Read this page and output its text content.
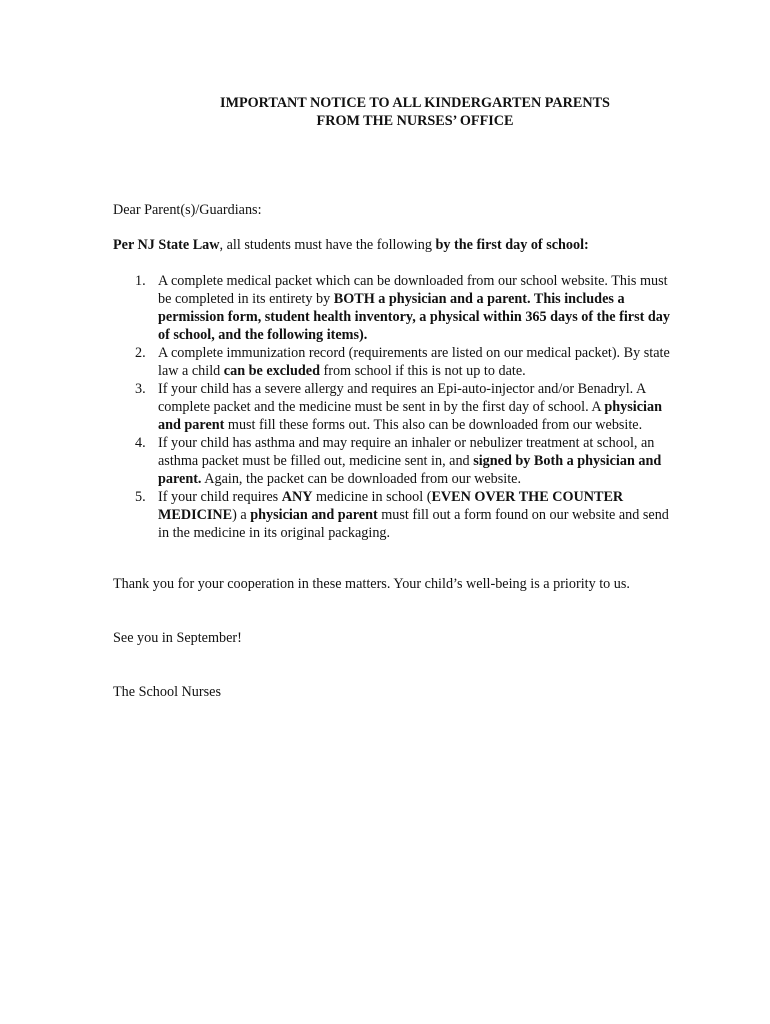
IMPORTANT NOTICE TO ALL KINDERGARTEN PARENTS
FROM THE NURSES’ OFFICE
Dear Parent(s)/Guardians:
Per NJ State Law, all students must have the following by the first day of school:
1. A complete medical packet which can be downloaded from our school website. This must be completed in its entirety by BOTH a physician and a parent. This includes a permission form, student health inventory, a physical within 365 days of the first day of school, and the following items).
2. A complete immunization record (requirements are listed on our medical packet). By state law a child can be excluded from school if this is not up to date.
3. If your child has a severe allergy and requires an Epi-auto-injector and/or Benadryl. A complete packet and the medicine must be sent in by the first day of school. A physician and parent must fill these forms out. This also can be downloaded from our website.
4. If your child has asthma and may require an inhaler or nebulizer treatment at school, an asthma packet must be filled out, medicine sent in, and signed by Both a physician and parent. Again, the packet can be downloaded from our website.
5. If your child requires ANY medicine in school (EVEN OVER THE COUNTER MEDICINE) a physician and parent must fill out a form found on our website and send in the medicine in its original packaging.
Thank you for your cooperation in these matters. Your child’s well-being is a priority to us.
See you in September!
The School Nurses
